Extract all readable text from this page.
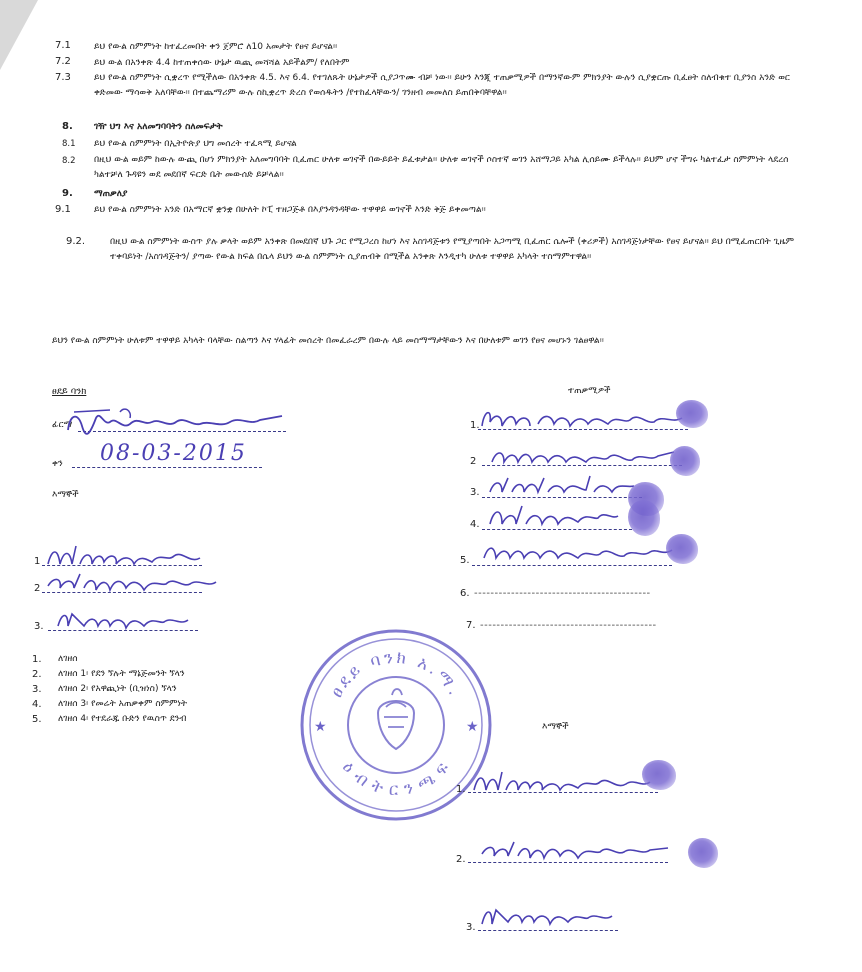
7.1	ይህ የውል ስምምነት ከተፈረመበት ቀን ጀምሮ ለ10 አመታት የፀና ይሆናል፡፡
7.2	ይህ ውል በአንቀጽ 4.4 ከተጠቀሰው ሁኔታ ዉጪ መሻሻል አይችልም/ የለበትም
7.3	ይህ የውል ስምምነት ሲቋረጥ የሚችለው በአንቀጽ 4.5. እና 6.4. የተገለጹት ሁኔታዎች ሲያጋጥሙ ብቻ ነው፡፡ ይሁን እንጂ ተጠቃሚዎች በማንኛውም ምክንያት ውሉን ሲያቋርጡ ቢፈፀት ስለብቁተ ቢያንስ አንድ ወር ቀድመው ማሳወቅ አለባቸው፡፡ በተጨማሪም ውሉ ስኪቋረጥ ድረስ የወሰዱትን /የተከፈላቸውን/ ገንዘብ መመለስ ይጠበቅባቸዋል፡፡
8. ገዥ ህግ እና አለመግባባትን ስለመፍታት
8.1 ይህ የውል ስምምነት በኢትዮጵያ ህግ መሰረት ተፈጻሚ ይሆናል
8.2 በዚህ ውል ወይም ከውሉ ውጪ በሆነ ምክንያት አለመግባባት ቢፈጠር ሁለቱ ወገኖች በውይይት ይፈቱታል፡፡ ሁለቱ ወገኖች ሶስተኛ ወገን አሸማጋይ አካል ሊሰይሙ ይችላሉ፡፡ ይህም ሆኖ ችግሩ ካልተፈታ ስምምነት ላደረሰ ካልተቻለ ጉዳዩን ወደ መደበኛ ፍርድ ቤት መውሰድ ይቻላል፡፡
9. ማጠቃለያ
9.1	ይህ የውል ስምምነት አንድ በአማርኛ ቋንቋ በሁለት ኮፒ ተዘጋጅቶ በእያንዳንዳቸው ተዋዋይ ወገኖች እንድ ቅጅ ይቀመጣል፡፡
9.2.	በዚህ ውል ስምምነት ውስጥ ያሉ ቃላት ወይም አንቀጽ በመደበኛ ህጉ ጋር የሚጋረስ ከሆነ እና አስገዳጅቱን የሚያጣበት አጋጣሚ ቢፈጠር ሴሎች (ቀሪዎች) አስገዳጅነታቸው የፀና ይሆናል፡፡ ይህ በሚፈጠርበት ጊዜም ተቀባይነት /አስገዳጅትን/ ያጣው የውል ክፍል በሴላ ይህን ውል ስምምነት ሲያጠብቅ በሚችል አንቀጽ እንዲተካ ሁለቱ ተዋዋይ አካላት ተስማምተዋል፡፡
ይህን የውል ስምምነት ሁለቱም ተዋዋይ አካላት ባላቸው ስልጣን እና ሃላፊት መሰረት በመፈራረም በውሉ ላይ መስማማታቸውን እና በሁለቱም ወገን የፀና መሆኑን ገልፀዋል፡፡
ፀደይ ባንክ
ፊርማ
ቀን 08-03-2015
እማኞች
1
2
3.
1. ለገዘሰ
2. ለገዘሰ 1፡ የደን ኘሉት ማኔጅመንት ኘላን
3. ለገዘሰ 2፡ የአዋጪነት (ቢዝነስ) ኘላን
4. ለገዘሰ 3፡ የመሬት አጠቃቀም ስምምነት
5. ለገዘሰ 4፡ የተደራጁ ቡድን የዉስጥ ደንብ
ተጠቃሚዎች
1.
2
3.
4.
5.
6. -------------------------------------------
7. -------------------------------------------
ፀደይ ባንክ አ.ማ.
ዕ ብ ት ር ን ጫ ፍ
★	★	እማኞች
1.
2.
3.
